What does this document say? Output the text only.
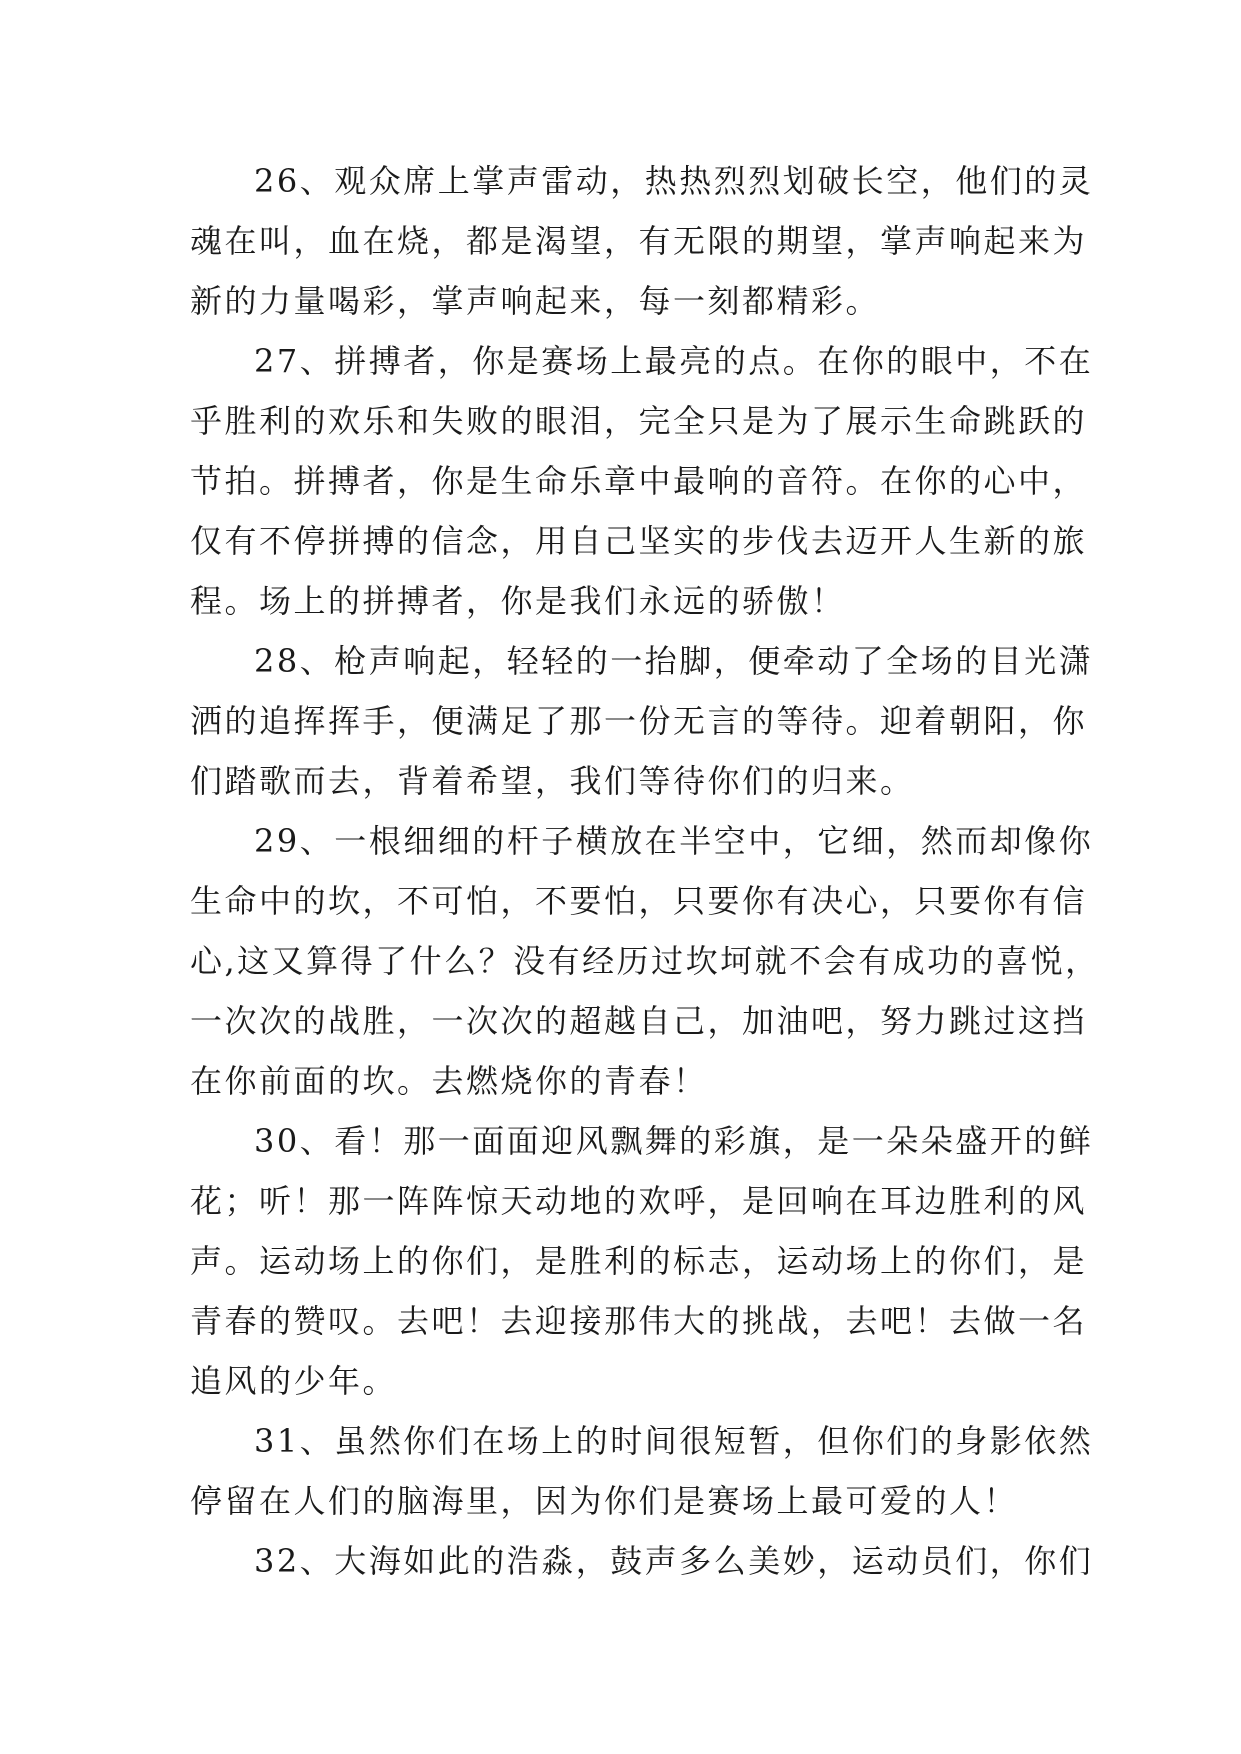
26、观众席上掌声雷动，热热烈烈划破长空，他们的灵
魂在叫，血在烧，都是渴望，有无限的期望，掌声响起来为
新的力量喝彩，掌声响起来，每一刻都精彩。

27、拼搏者，你是赛场上最亮的点。在你的眼中，不在
乎胜利的欢乐和失败的眼泪，完全只是为了展示生命跳跃的
节拍。拼搏者，你是生命乐章中最响的音符。在你的心中，
仅有不停拼搏的信念，用自己坚实的步伐去迈开人生新的旅
程。场上的拼搏者，你是我们永远的骄傲！

28、枪声响起，轻轻的一抬脚，便牵动了全场的目光潇
洒的追挥挥手，便满足了那一份无言的等待。迎着朝阳，你
们踏歌而去，背着希望，我们等待你们的归来。

29、一根细细的杆子横放在半空中，它细，然而却像你
生命中的坎，不可怕，不要怕，只要你有决心，只要你有信
心,这又算得了什么？没有经历过坎坷就不会有成功的喜悦，
一次次的战胜，一次次的超越自己，加油吧，努力跳过这挡
在你前面的坎。去燃烧你的青春！

30、看！那一面面迎风飘舞的彩旗，是一朵朵盛开的鲜
花；听！那一阵阵惊天动地的欢呼，是回响在耳边胜利的风
声。运动场上的你们，是胜利的标志，运动场上的你们，是
青春的赞叹。去吧！去迎接那伟大的挑战，去吧！去做一名
追风的少年。

31、虽然你们在场上的时间很短暂，但你们的身影依然
停留在人们的脑海里，因为你们是赛场上最可爱的人！

32、大海如此的浩淼，鼓声多么美妙，运动员们，你们
